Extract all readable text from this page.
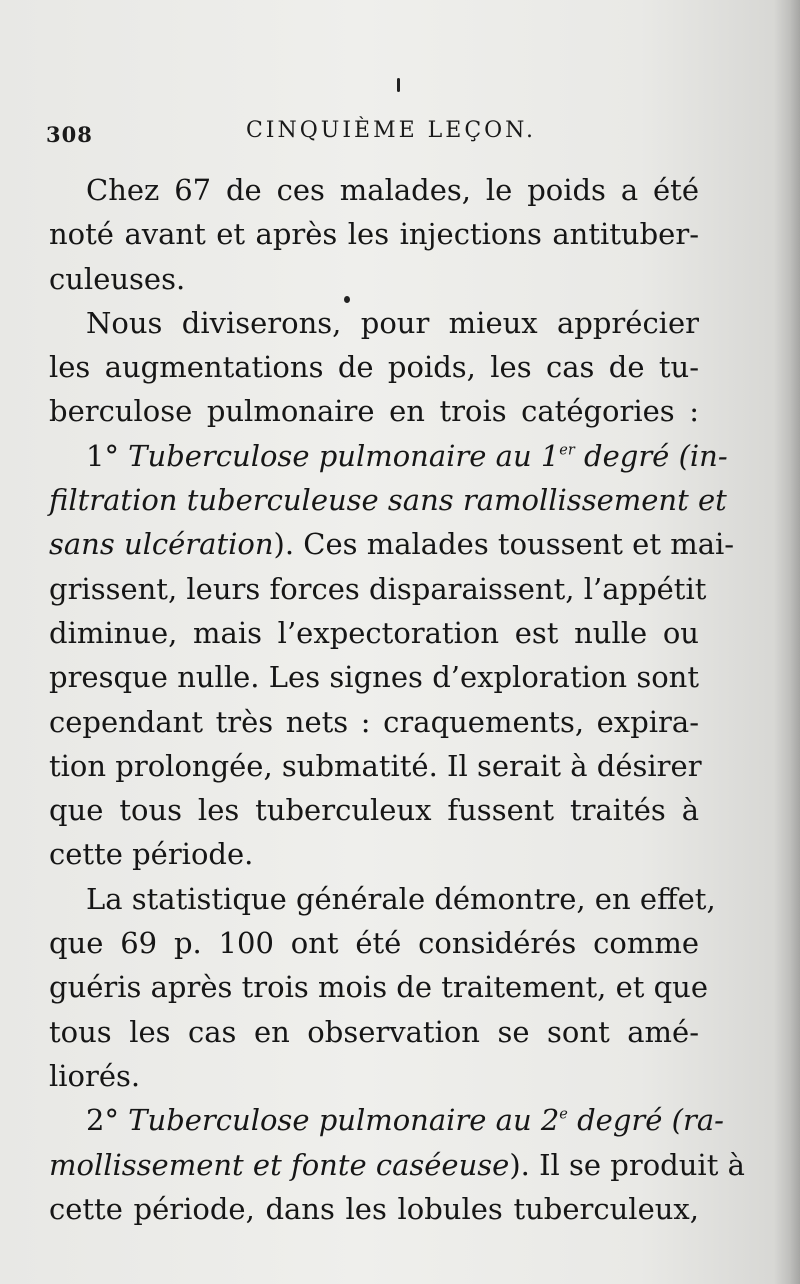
308	CINQUIÈME LEÇON.
Chez 67 de ces malades, le poids a été
noté avant et après les injections antituber-
culeuses.
Nous diviserons, pour mieux apprécier
les augmentations de poids, les cas de tu-
berculose pulmonaire en trois catégories :
1° Tuberculose pulmonaire au 1er degré (in-
filtration tuberculeuse sans ramollissement et
sans ulcération). Ces malades toussent et mai-
grissent, leurs forces disparaissent, l’appétit
diminue, mais l’expectoration est nulle ou
presque nulle. Les signes d’exploration sont
cependant très nets : craquements, expira-
tion prolongée, submatité. Il serait à désirer
que tous les tuberculeux fussent traités à
cette période.
La statistique générale démontre, en effet,
que 69 p. 100 ont été considérés comme
guéris après trois mois de traitement, et que
tous les cas en observation se sont amé-
liorés.
2° Tuberculose pulmonaire au 2e degré (ra-
mollissement et fonte caséeuse). Il se produit à
cette période, dans les lobules tuberculeux,
